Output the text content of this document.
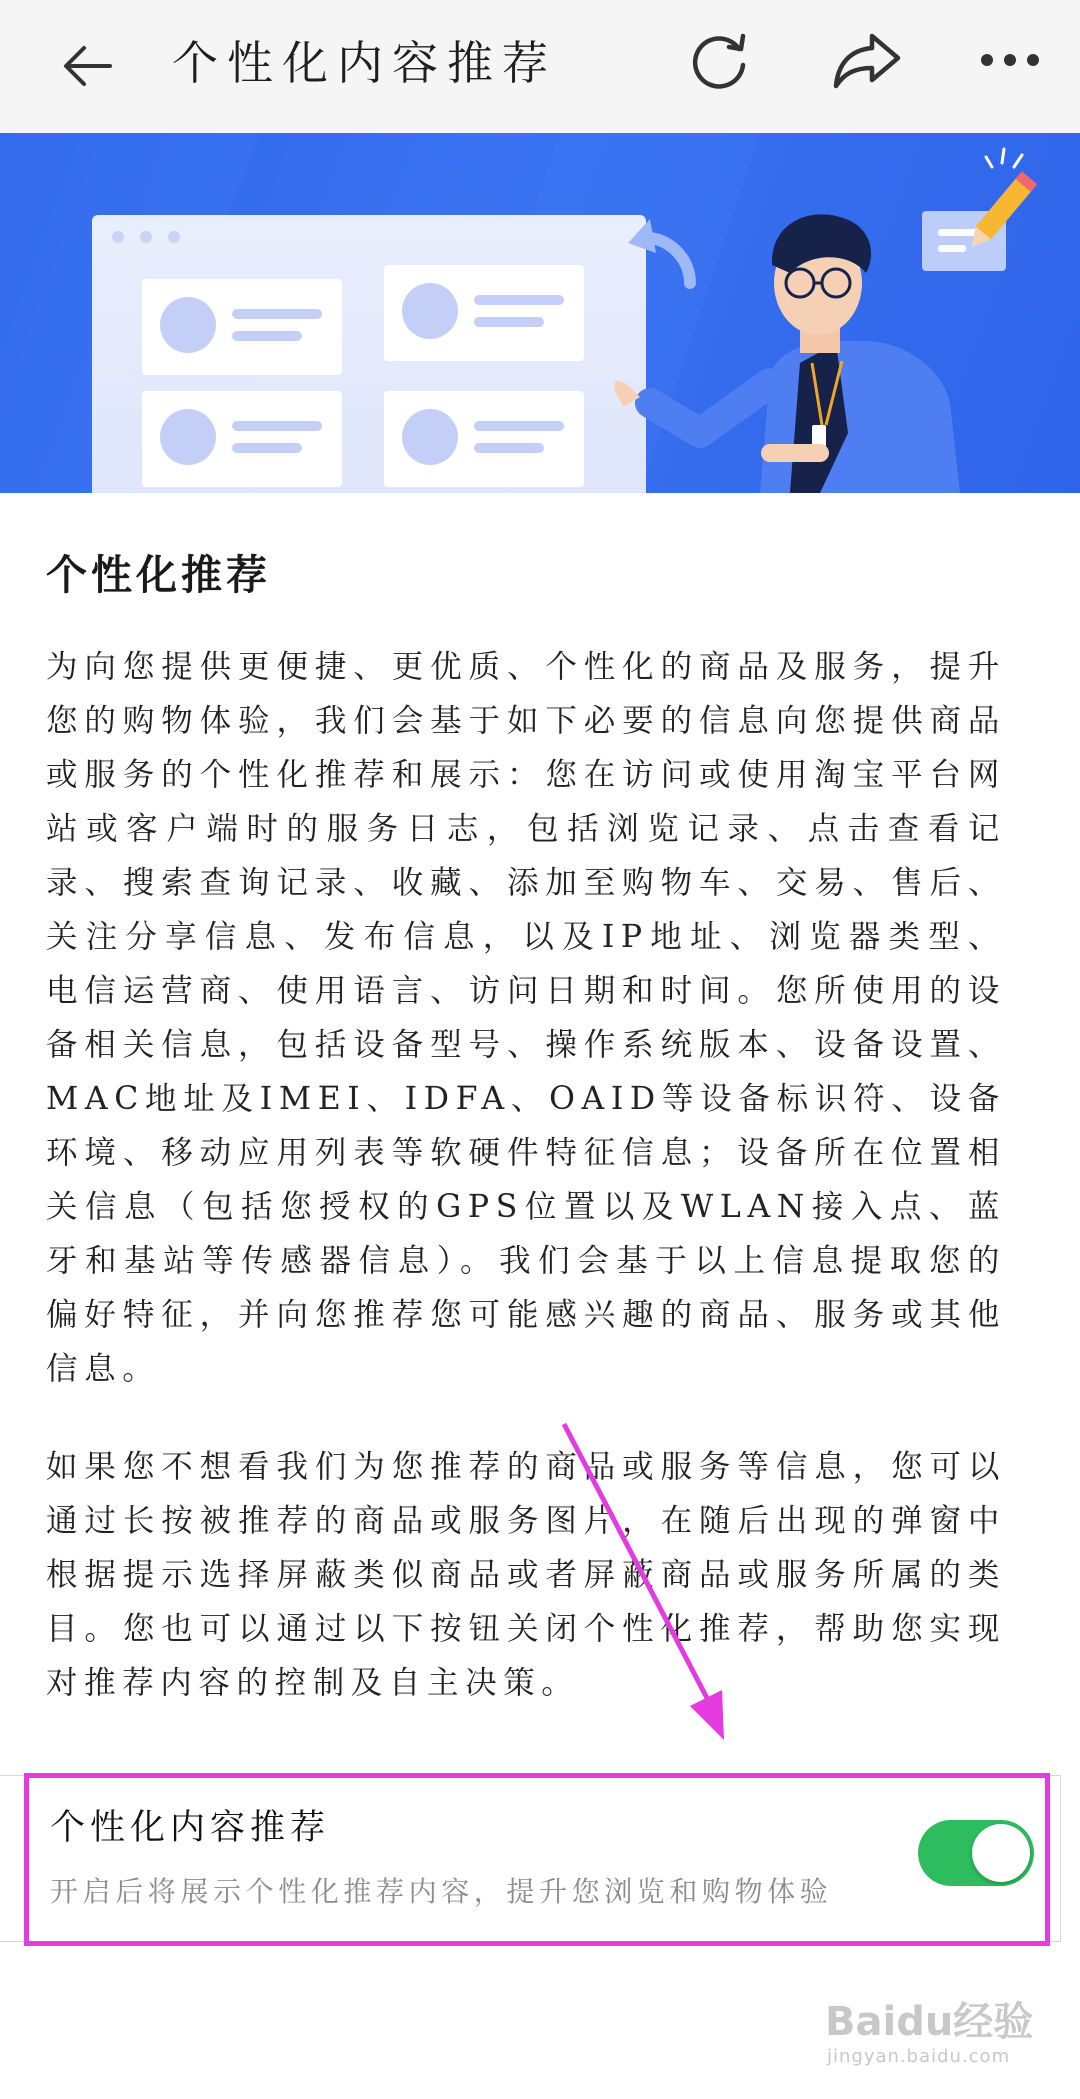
个性化内容推荐
个性化推荐

为向您提供更便捷、更优质、个性化的商品及服务，提升您的购物体验，我们会基于如下必要的信息向您提供商品或服务的个性化推荐和展示：您在访问或使用淘宝平台网站或客户端时的服务日志，包括浏览记录、点击查看记录、搜索查询记录、收藏、添加至购物车、交易、售后、关注分享信息、发布信息，以及IP地址、浏览器类型、电信运营商、使用语言、访问日期和时间。您所使用的设备相关信息，包括设备型号、操作系统版本、设备设置、MAC地址及IMEI、IDFA、OAID等设备标识符、设备环境、移动应用列表等软硬件特征信息；设备所在位置相关信息（包括您授权的GPS位置以及WLAN接入点、蓝牙和基站等传感器信息）。我们会基于以上信息提取您的偏好特征，并向您推荐您可能感兴趣的商品、服务或其他信息。

如果您不想看我们为您推荐的商品或服务等信息，您可以通过长按被推荐的商品或服务图片，在随后出现的弹窗中根据提示选择屏蔽类似商品或者屏蔽商品或服务所属的类目。您也可以通过以下按钮关闭个性化推荐，帮助您实现对推荐内容的控制及自主决策。

个性化内容推荐
开启后将展示个性化推荐内容，提升您浏览和购物体验
Baidu经验
jingyan.baidu.com
